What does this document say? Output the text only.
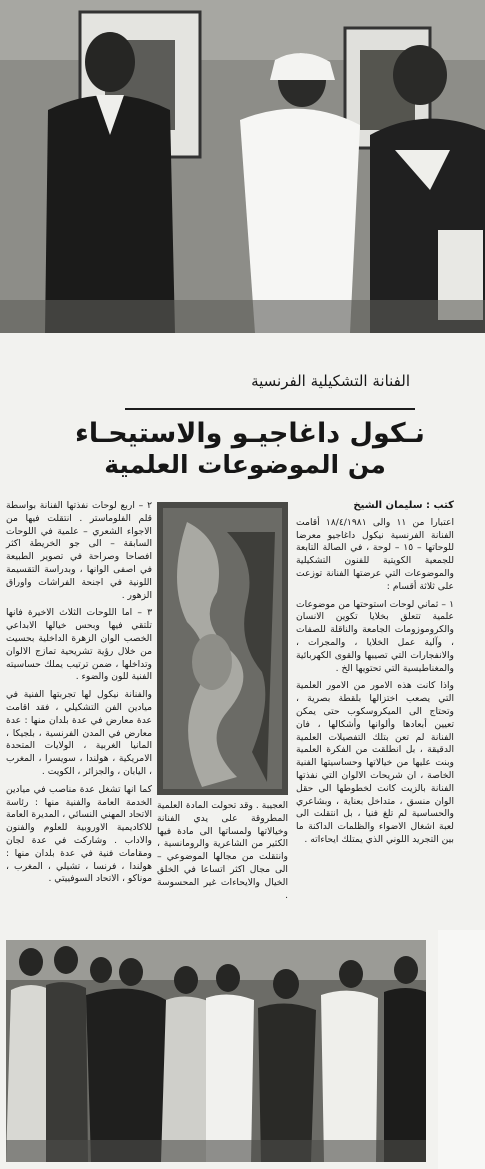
الفنانة التشكيلية الفرنسية
نـكول داغاجيـو والاستيحـاء
من الموضوعات العلمية
كتب : سليمان الشيخ

اعتبارا من ١١ والى ١٨/٤/١٩٨١ أقامت الفنانة الفرنسية نيكول داغاجيو معرضا للوحاتها – ١٥ – لوحة ، في الصالة التابعة للجمعية الكويتية للفنون التشكيلية والموضوعات التي عرضتها الفنانة توزعت على ثلاثة أقسام :

١ – ثماني لوحات استوحتها من موضوعات علمية تتعلق بخلايا تكوين الانسان والكروموزومات الجامعة والناقلة للصفات ، وآلية عمل الخلايا ، والمجرات ، والانفجارات التي تصيبها والقوى الكهربائية والمغناطيسية التي تحتويها الخ .

واذا كانت هذه الامور من الامور العلمية التي يصعب اختزالها بلقطة بصرية ، وتحتاج الى الميكروسكوب حتى يمكن تعيين أبعادها وألوانها وأشكالها ، فان الفنانة لم تعن بتلك التفصيلات العلمية الدقيقة ، بل انطلقت من الفكرة العلمية وبنت عليها من خيالاتها وحساسيتها الفنية الخاصة ، ان شريحات الالوان التي نفذتها الفنانة بالزيت كانت لخطوطها الى حقل الوان منسق ، متداخل بعناية ، وبشاعري والحساسية لم تلغ فنيا ، بل انتقلت الى لعبة اشغال الاضواء والظلمات الداكنة ما بين التجريد اللوني الذي يمتلك ايحاءاته .

العجيبة . وقد تحولت المادة العلمية المطروقة على يدي الفنانة وخيالاتها ولمساتها الى مادة فيها الكثير من الشاعرية والرومانسية ، وانتقلت من مجالها الموضوعي – الى مجال اكثر اتساعا في الخلق الخيال والايحاءات غير المحسوسة .

٢ – اربع لوحات نفذتها الفنانة بواسطة قلم الفلوماستر . انتقلت فيها من الاجواء الشعري – علمية في اللوحات السابقة – الى جو الخريطة اكثر افصاحا وصراحة في تصوير الطبيعة في اصفى الوانها ، وبدراسة التقسيمة اللونية في اجنحة الفراشات واوراق الزهور .

٣ – اما اللوحات الثلاث الاخيرة فانها تلتقي فيها وبحس خيالها الابداعي الخصب الوان الزهرة الداخلية بحسيت من خلال رؤية تشريحية تمازج الالوان وتداخلها ، ضمن ترتيب يملك حساسيته الفنية للون والضوء .

والفنانة نيكول لها تجربتها الفنية في ميادين الفن التشكيلي ، فقد اقامت عدة معارض في عدة بلدان منها : عدة معارض في المدن الفرنسية ، بلجيكا ، المانيا الغربية ، الولايات المتحدة الامريكية ، هولندا ، سويسرا ، المغرب ، اليابان ، والجزائر ، الكويت .

كما انها تشغل عدة مناصب في ميادين الخدمة العامة والفنية منها : رئاسة الاتحاد المهني النسائي ، المديرة العامة للاكاديمية الاوروبية للعلوم والفنون والاداب . وشاركت في عدة لجان ومقامات فنية في عدة بلدان منها : هولندا ، فرنسا ، تشيلي ، المغرب ، موناكو ، الاتحاد السوفييتي .
